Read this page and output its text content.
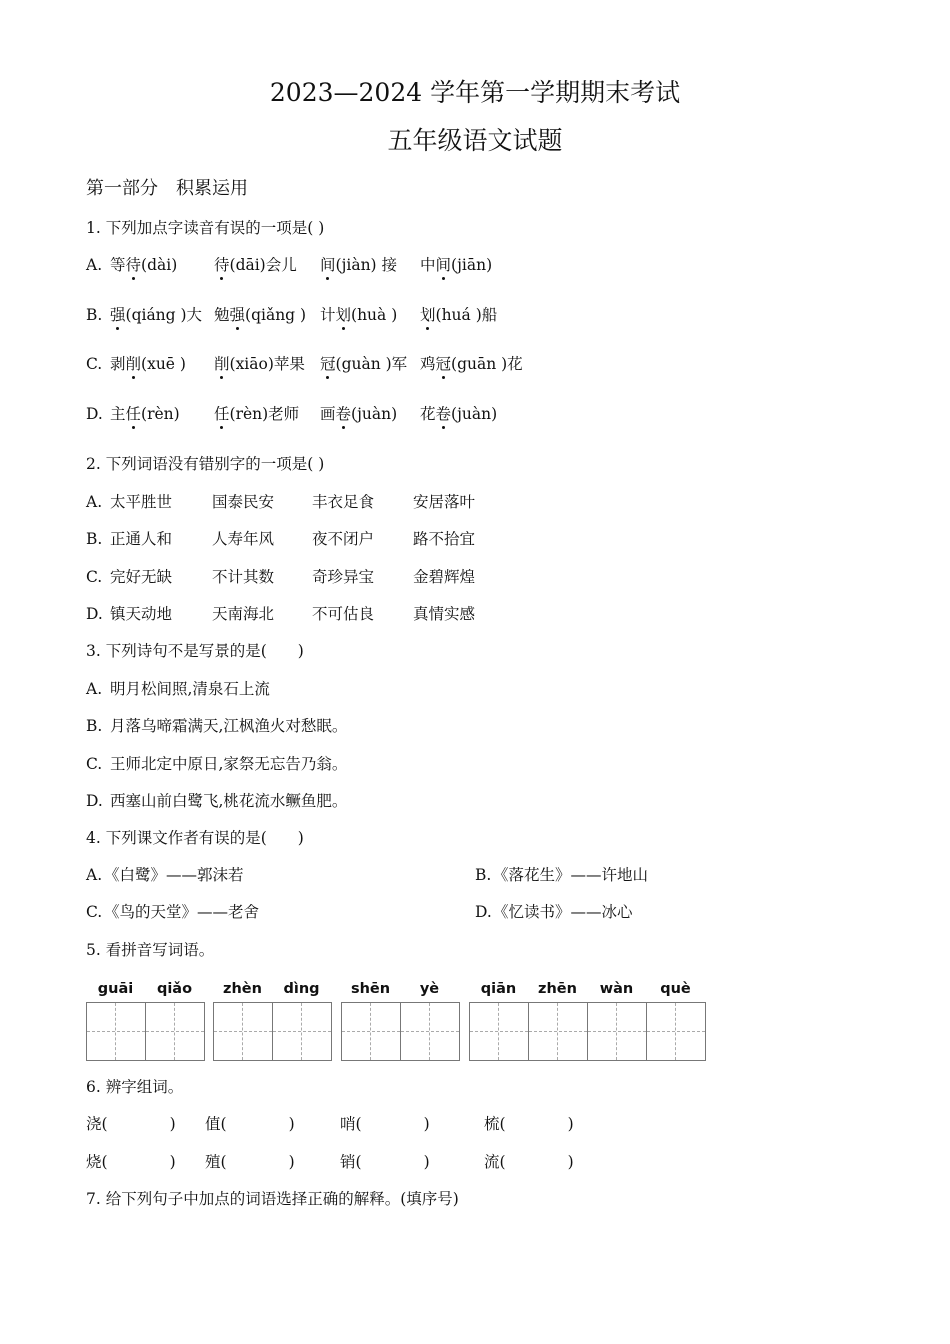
2023—2024 学年第一学期期末考试
五年级语文试题
第一部分　积累运用
1. 下列加点字读音有误的一项是( )
A. 等待(dài) 待(dāi)会儿 间(jiàn) 接 中间(jiān)
B. 强(qiáng )大 勉强(qiǎng ) 计划(huà ) 划(huá )船
C. 剥削(xuē ) 削(xiāo)苹果 冠(guàn )军 鸡冠(guān )花
D. 主任(rèn) 任(rèn)老师 画卷(juàn) 花卷(juàn)
2. 下列词语没有错别字的一项是( )
A. 太平胜世	国泰民安 丰衣足食	安居落叶
B. 正通人和	人寿年风 夜不闭户	路不拾宜
C. 完好无缺	不计其数 奇珍异宝	金碧辉煌
D. 镇天动地	天南海北 不可估良	真情实感
3. 下列诗句不是写景的是(　　)
A. 明月松间照,清泉石上流
B. 月落乌啼霜满天,江枫渔火对愁眠。
C. 王师北定中原日,家祭无忘告乃翁。
D. 西塞山前白鹭飞,桃花流水鳜鱼肥。
4. 下列课文作者有误的是(　　)
A. 《白鹭》——郭沫若	B. 《落花生》——许地山
C. 《鸟的天堂》——老舍	D. 《忆读书》——冰心
5. 看拼音写词语。
guāi	qiǎo	zhèn	dìng	shēn	yè	qiān	zhēn	wàn	què
6. 辨字组词。
浇(　　　　) 值(　　　　)	哨(　　　　)	梳(　　　　)
烧(　　　　) 殖(　　　　)	销(　　　　)	流(　　　　)
7. 给下列句子中加点的词语选择正确的解释。(填序号)
